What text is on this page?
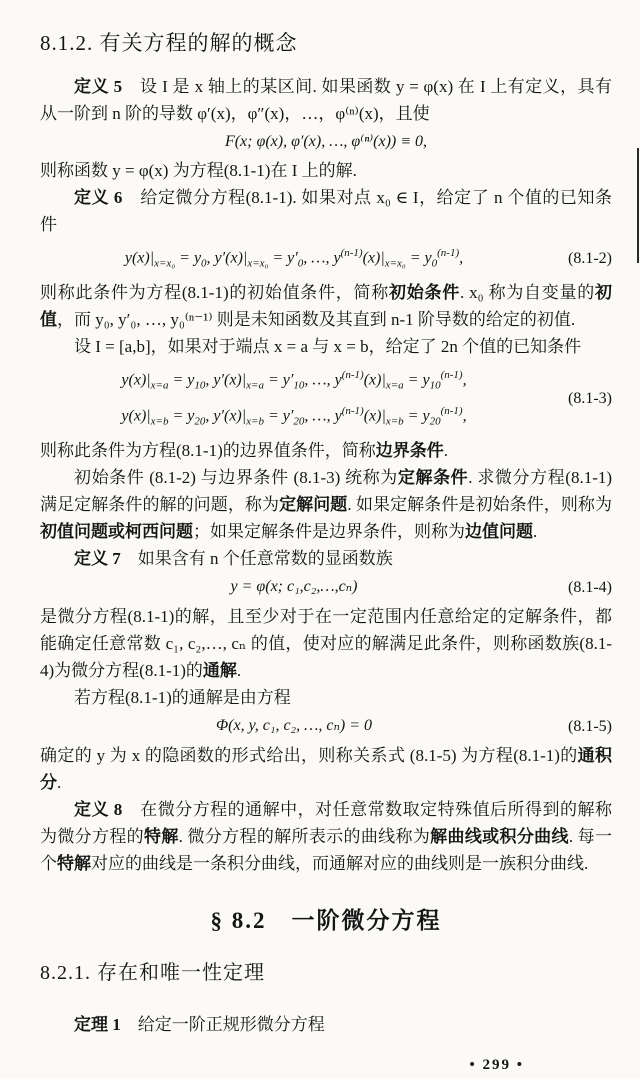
8.1.2. 有关方程的解的概念

定义 5　设 I 是 x 轴上的某区间. 如果函数 y = φ(x) 在 I 上有定义，具有从一阶到 n 阶的导数 φ′(x)，φ″(x)，…，φ⁽ⁿ⁾(x)，且使

F(x; φ(x), φ′(x), …, φ⁽ⁿ⁾(x)) ≡ 0,

则称函数 y = φ(x) 为方程(8.1-1)在 I 上的解.

定义 6　给定微分方程(8.1-1). 如果对点 x₀ ∈ I，给定了 n 个值的已知条件

$y(x)|_{x=x_0} = y_0$, $y'(x)|_{x=x_0} = y'_0$, …, $y^{(n-1)}(x)|_{x=x_0} = y_0^{(n-1)}$,	(8.1-2)

则称此条件为方程(8.1-1)的初始值条件，简称初始条件. x₀ 称为自变量的初值，而 y₀, y′₀, …, y₀⁽ⁿ⁻¹⁾ 则是未知函数及其直到 n-1 阶导数的给定的初值.

设 I = [a,b]，如果对于端点 x = a 与 x = b，给定了 2n 个值的已知条件

$y(x)|_{x=a} = y_{10}$, $y'(x)|_{x=a} = y'_{10}$, …, $y^{(n-1)}(x)|_{x=a} = y_{10}^{(n-1)}$,
$y(x)|_{x=b} = y_{20}$, $y'(x)|_{x=b} = y'_{20}$, …, $y^{(n-1)}(x)|_{x=b} = y_{20}^{(n-1)}$,
(8.1-3)

则称此条件为方程(8.1-1)的边界值条件，简称边界条件.

初始条件 (8.1-2) 与边界条件 (8.1-3) 统称为定解条件. 求微分方程(8.1-1)满足定解条件的解的问题，称为定解问题. 如果定解条件是初始条件，则称为初值问题或柯西问题；如果定解条件是边界条件，则称为边值问题.

定义 7　如果含有 n 个任意常数的显函数族

y = φ(x; c₁,c₂,…,cₙ)	(8.1-4)

是微分方程(8.1-1)的解，且至少对于在一定范围内任意给定的定解条件，都能确定任意常数 c₁, c₂,…, cₙ 的值，使对应的解满足此条件，则称函数族(8.1-4)为微分方程(8.1-1)的通解.

若方程(8.1-1)的通解是由方程

Φ(x, y, c₁, c₂, …, cₙ) = 0	(8.1-5)

确定的 y 为 x 的隐函数的形式给出，则称关系式 (8.1-5) 为方程(8.1-1)的通积分.

定义 8　在微分方程的通解中，对任意常数取定特殊值后所得到的解称 为微分方程的特解. 微分方程的解所表示的曲线称为解曲线或积分曲线. 每一个特解对应的曲线是一条积分曲线，而通解对应的曲线则是一族积分曲线.

§ 8.2　一阶微分方程
8.2.1. 存在和唯一性定理

定理 1　给定一阶正规形微分方程

• 299 •
